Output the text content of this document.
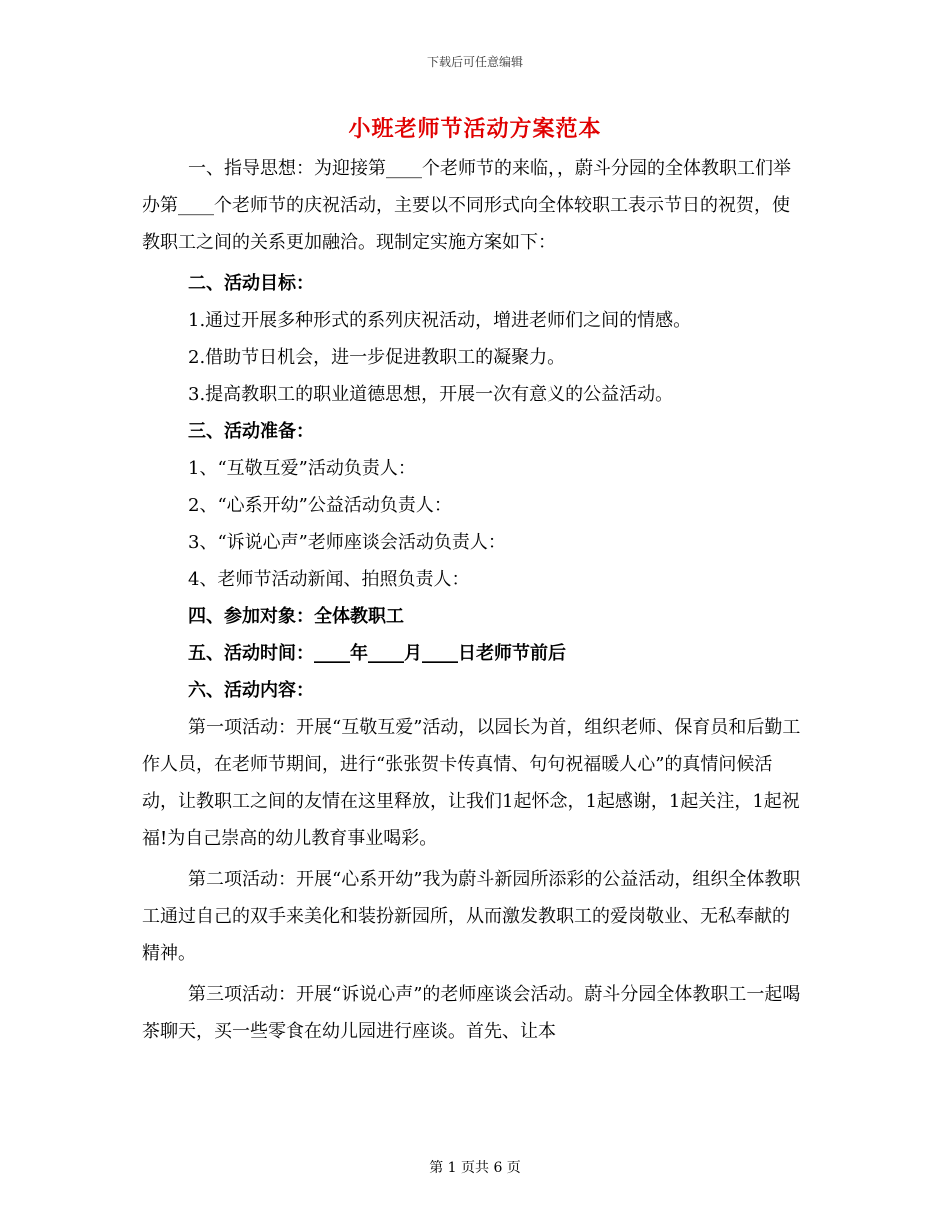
下载后可任意编辑
小班老师节活动方案范本

一、指导思想：为迎接第____个老师节的来临，，蔚斗分园的全体教职工们举办第____个老师节的庆祝活动，主要以不同形式向全体较职工表示节日的祝贺，使教职工之间的关系更加融洽。现制定实施方案如下：

二、活动目标：

1.通过开展多种形式的系列庆祝活动，增进老师们之间的情感。

2.借助节日机会，进一步促进教职工的凝聚力。

3.提高教职工的职业道德思想，开展一次有意义的公益活动。

三、活动准备：

1、“互敬互爱”活动负责人：

2、“心系开幼”公益活动负责人：

3、“诉说心声”老师座谈会活动负责人：

4、老师节活动新闻、拍照负责人：

四、参加对象：全体教职工

五、活动时间：____年____月____日老师节前后

六、活动内容：

第一项活动：开展“互敬互爱”活动，以园长为首，组织老师、保育员和后勤工作人员，在老师节期间，进行“张张贺卡传真情、句句祝福暖人心”的真情问候活动，让教职工之间的友情在这里释放，让我们1起怀念，1起感谢，1起关注，1起祝福!为自己崇高的幼儿教育事业喝彩。

第二项活动：开展“心系开幼”我为蔚斗新园所添彩的公益活动，组织全体教职工通过自己的双手来美化和装扮新园所，从而激发教职工的爱岗敬业、无私奉献的精神。

第三项活动：开展“诉说心声”的老师座谈会活动。蔚斗分园全体教职工一起喝茶聊天，买一些零食在幼儿园进行座谈。首先、让本

第 1 页共 6 页
